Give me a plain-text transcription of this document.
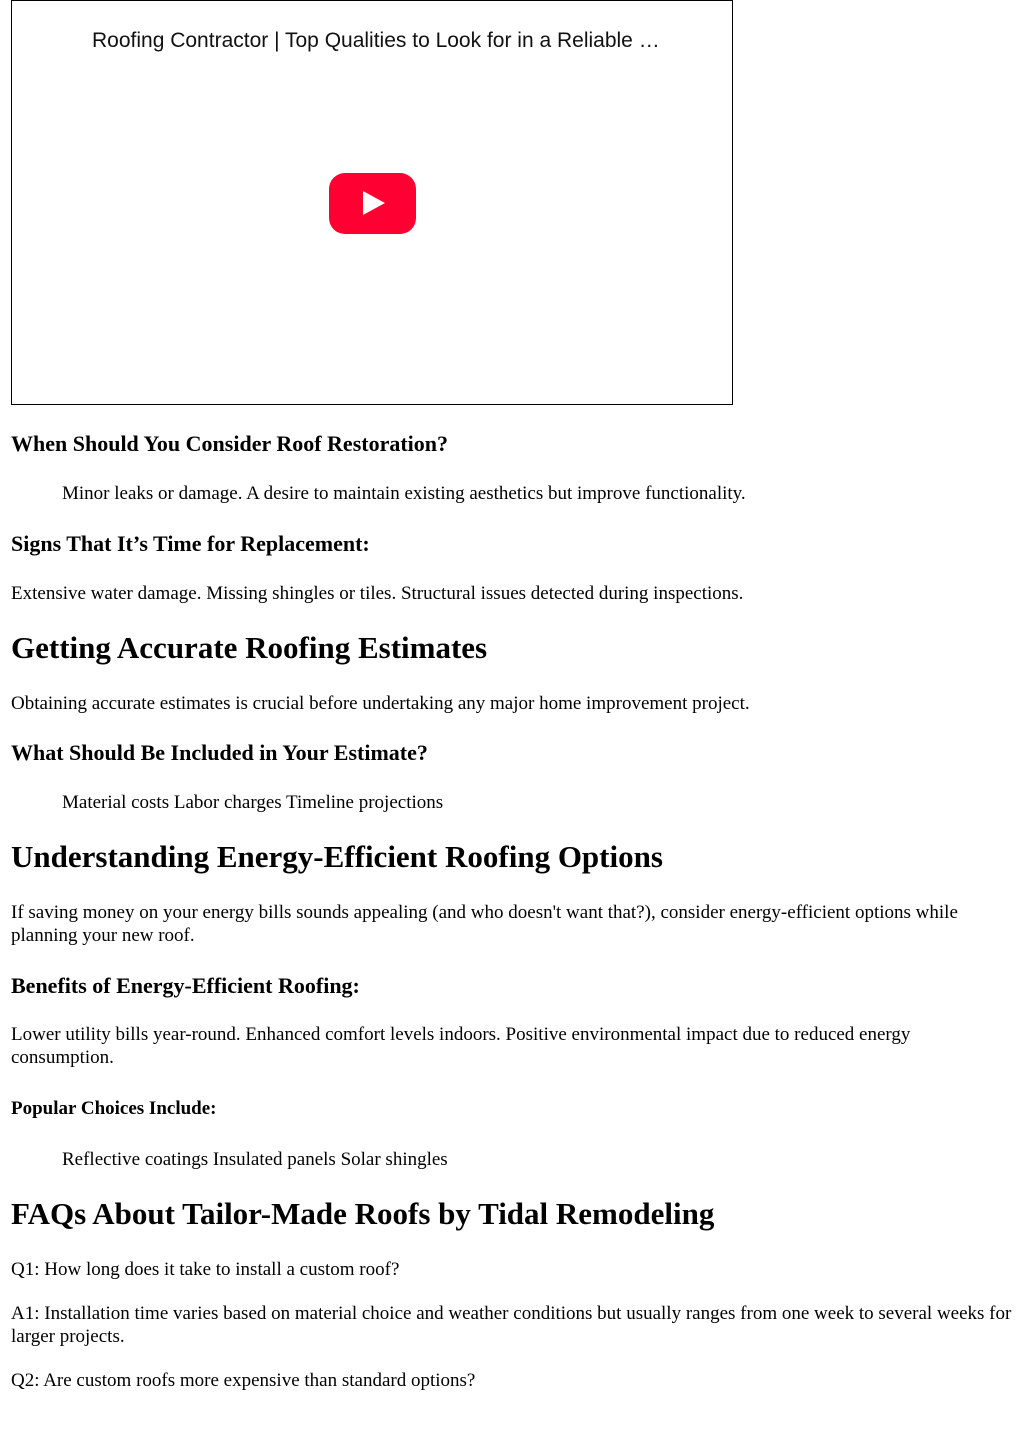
Roofing Contractor | Top Qualities to Look for in a Reliable …
When Should You Consider Roof Restoration?
Minor leaks or damage. A desire to maintain existing aesthetics but improve functionality.
Signs That It’s Time for Replacement:

Extensive water damage. Missing shingles or tiles. Structural issues detected during inspections.

Getting Accurate Roofing Estimates

Obtaining accurate estimates is crucial before undertaking any major home improvement project.

What Should Be Included in Your Estimate?
Material costs Labor charges Timeline projections
Understanding Energy-Efficient Roofing Options

If saving money on your energy bills sounds appealing (and who doesn't want that?), consider energy-efficient options while planning your new roof.

Benefits of Energy-Efficient Roofing:

Lower utility bills year-round. Enhanced comfort levels indoors. Positive environmental impact due to reduced energy consumption.

Popular Choices Include:
Reflective coatings Insulated panels Solar shingles
FAQs About Tailor-Made Roofs by Tidal Remodeling

Q1: How long does it take to install a custom roof?

A1: Installation time varies based on material choice and weather conditions but usually ranges from one week to several weeks for larger projects.

Q2: Are custom roofs more expensive than standard options?
